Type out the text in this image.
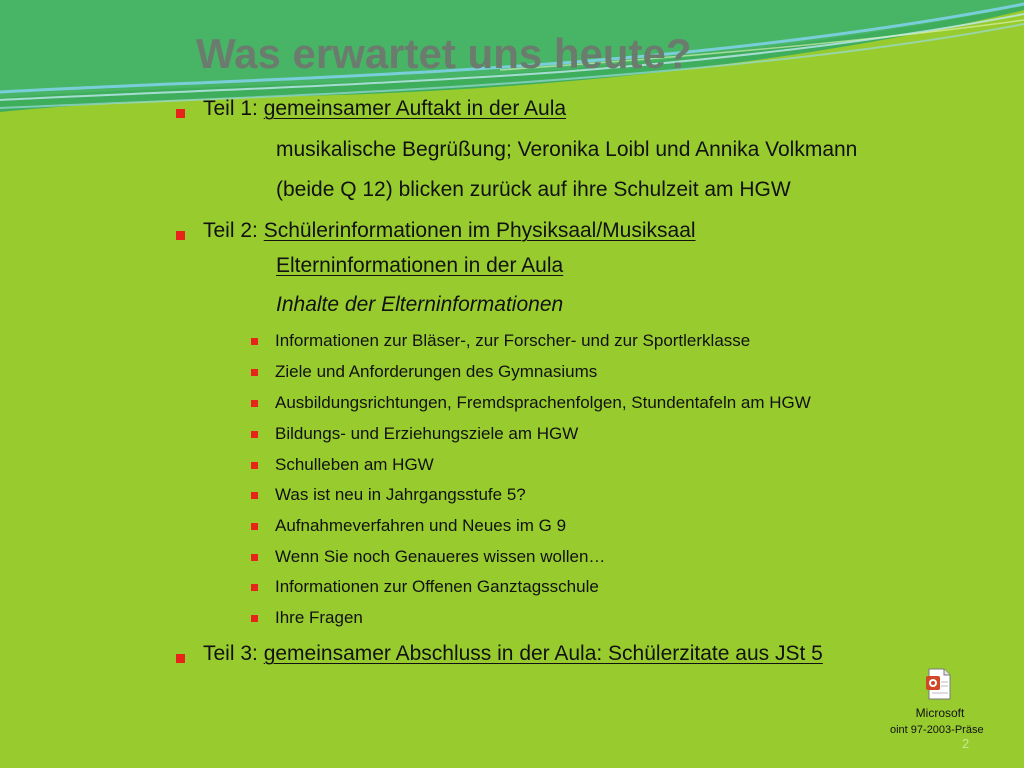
Was erwartet uns heute?
Teil 1: gemeinsamer Auftakt in der Aula
musikalische Begrüßung; Veronika Loibl und Annika Volkmann
(beide Q 12) blicken zurück auf ihre Schulzeit am HGW
Teil 2: Schülerinformationen im Physiksaal/Musiksaal
Elterninformationen in der Aula
Inhalte der Elterninformationen
Informationen zur Bläser-, zur Forscher- und zur Sportlerklasse
Ziele und Anforderungen des Gymnasiums
Ausbildungsrichtungen, Fremdsprachenfolgen, Stundentafeln am HGW
Bildungs- und Erziehungsziele am HGW
Schulleben am HGW
Was ist neu in Jahrgangsstufe 5?
Aufnahmeverfahren und Neues im G 9
Wenn Sie noch Genaueres wissen wollen…
Informationen zur Offenen Ganztagsschule
Ihre Fragen
Teil 3: gemeinsamer Abschluss in der Aula: Schülerzitate aus JSt 5
Microsoft
oint 97-2003-Präse
2
